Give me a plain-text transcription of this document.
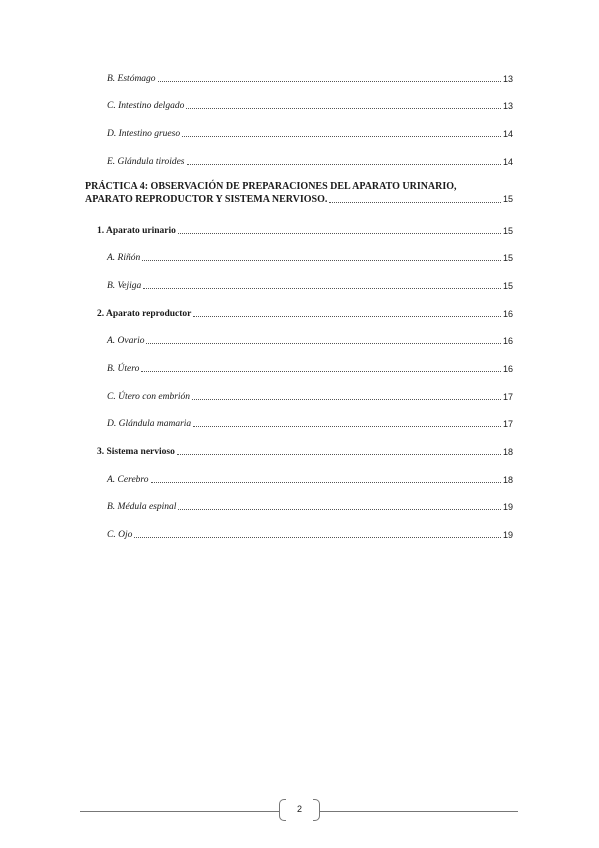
B. Estómago	13
C. Intestino delgado	13
D. Intestino grueso	14
E. Glándula tiroides	14
PRÁCTICA 4: OBSERVACIÓN DE PREPARACIONES DEL APARATO URINARIO,
APARATO REPRODUCTOR Y SISTEMA NERVIOSO.	15
1. Aparato urinario	15
A. Riñón	15
B. Vejiga	15
2. Aparato reproductor	16
A. Ovario	16
B. Útero	16
C. Útero con embrión	17
D. Glándula mamaria	17
3. Sistema nervioso	18
A. Cerebro	18
B. Médula espinal	19
C. Ojo	19
2
